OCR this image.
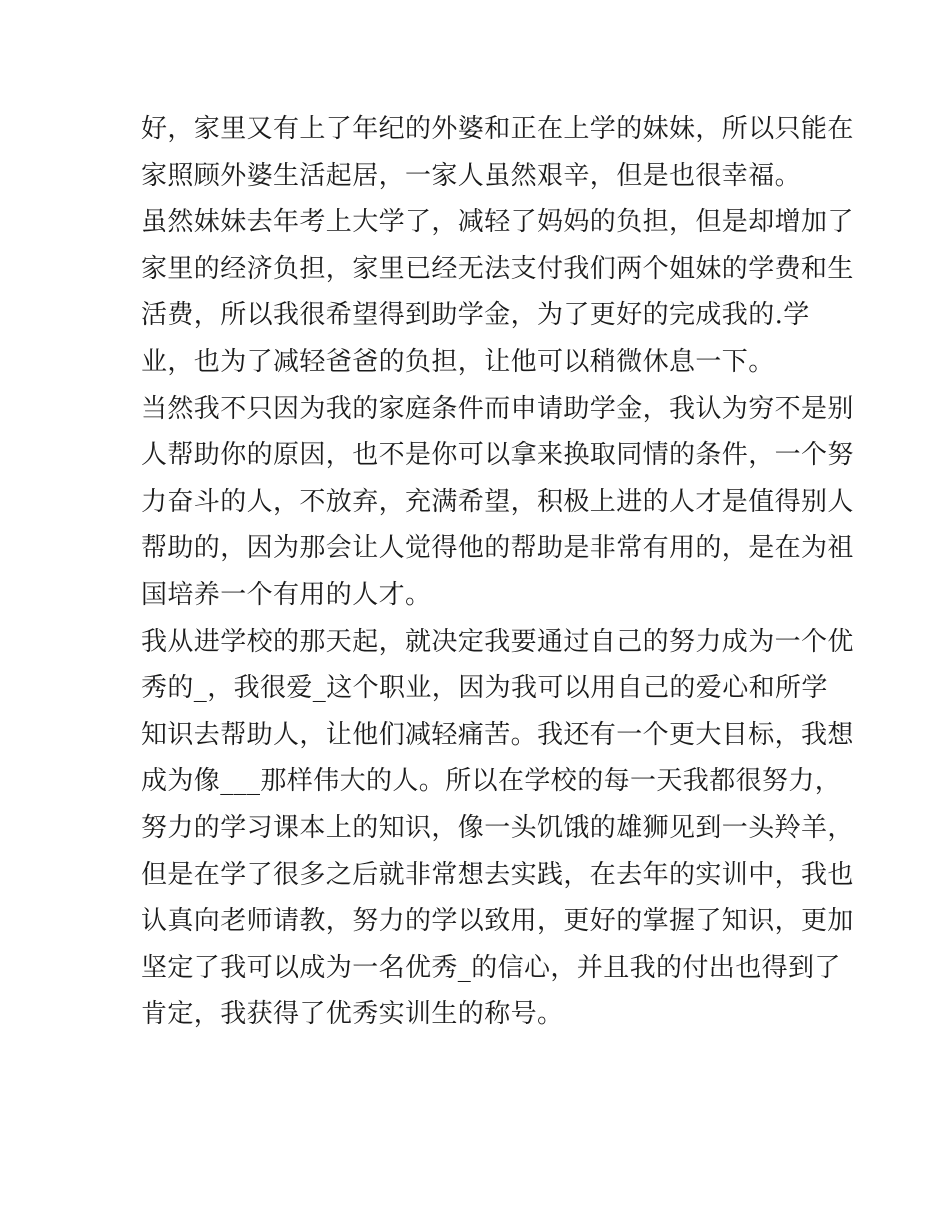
好，家里又有上了年纪的外婆和正在上学的妹妹，所以只能在
家照顾外婆生活起居，一家人虽然艰辛，但是也很幸福。
虽然妹妹去年考上大学了，减轻了妈妈的负担，但是却增加了
家里的经济负担，家里已经无法支付我们两个姐妹的学费和生
活费，所以我很希望得到助学金，为了更好的完成我的.学
业，也为了减轻爸爸的负担，让他可以稍微休息一下。
当然我不只因为我的家庭条件而申请助学金，我认为穷不是别
人帮助你的原因，也不是你可以拿来换取同情的条件，一个努
力奋斗的人，不放弃，充满希望，积极上进的人才是值得别人
帮助的，因为那会让人觉得他的帮助是非常有用的，是在为祖
国培养一个有用的人才。
我从进学校的那天起，就决定我要通过自己的努力成为一个优
秀的_，我很爱_这个职业，因为我可以用自己的爱心和所学
知识去帮助人，让他们减轻痛苦。我还有一个更大目标，我想
成为像___那样伟大的人。所以在学校的每一天我都很努力，
努力的学习课本上的知识，像一头饥饿的雄狮见到一头羚羊，
但是在学了很多之后就非常想去实践，在去年的实训中，我也
认真向老师请教，努力的学以致用，更好的掌握了知识，更加
坚定了我可以成为一名优秀_的信心，并且我的付出也得到了
肯定，我获得了优秀实训生的称号。
